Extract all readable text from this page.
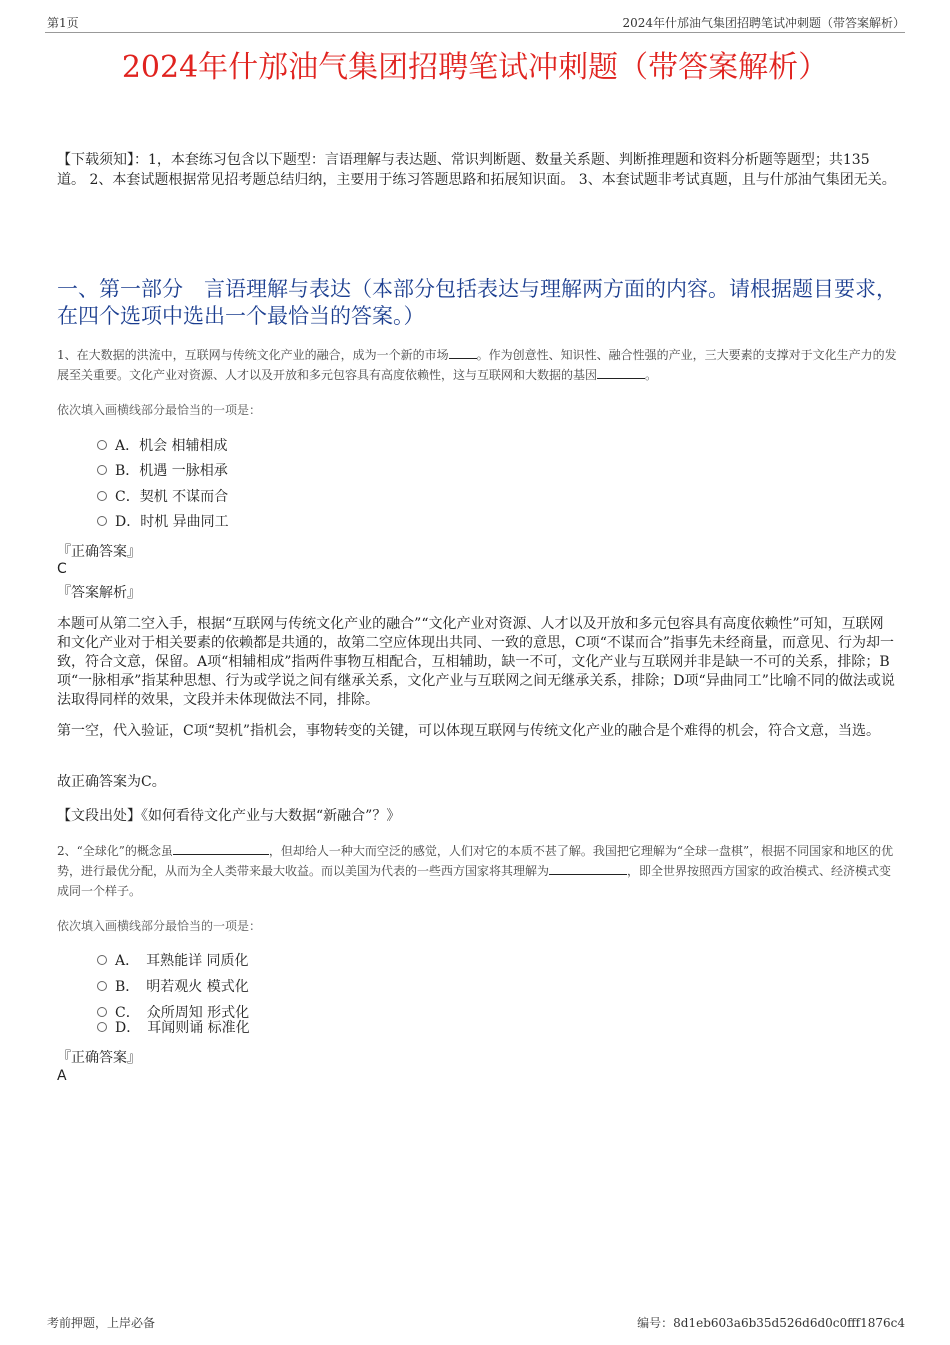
第1页	2024年什邡油气集团招聘笔试冲刺题（带答案解析）
2024年什邡油气集团招聘笔试冲刺题（带答案解析）
【下载须知】：1，本套练习包含以下题型：言语理解与表达题、常识判断题、数量关系题、判断推理题和资料分析题等题型；共135道。 2、本套试题根据常见招考题总结归纳，主要用于练习答题思路和拓展知识面。 3、本套试题非考试真题，且与什邡油气集团无关。
一、第一部分　言语理解与表达（本部分包括表达与理解两方面的内容。请根据题目要求，在四个选项中选出一个最恰当的答案。）
1、在大数据的洪流中，互联网与传统文化产业的融合，成为一个新的市场 。作为创意性、知识性、融合性强的产业，三大要素的支撑对于文化生产力的发展至关重要。文化产业对资源、人才以及开放和多元包容具有高度依赖性，这与互联网和大数据的基因	。
依次填入画横线部分最恰当的一项是：
A．机会 相辅相成
B．机遇 一脉相承
C．契机 不谋而合
D．时机 异曲同工
『正确答案』
C
『答案解析』
本题可从第二空入手，根据“互联网与传统文化产业的融合”“文化产业对资源、人才以及开放和多元包容具有高度依赖性”可知，互联网和文化产业对于相关要素的依赖都是共通的，故第二空应体现出共同、一致的意思，C项“不谋而合”指事先未经商量，而意见、行为却一致，符合文意，保留。A项“相辅相成”指两件事物互相配合，互相辅助，缺一不可，文化产业与互联网并非是缺一不可的关系，排除；B项“一脉相承”指某种思想、行为或学说之间有继承关系，文化产业与互联网之间无继承关系，排除；D项“异曲同工”比喻不同的做法或说法取得同样的效果，文段并未体现做法不同，排除。
第一空，代入验证，C项“契机”指机会，事物转变的关键，可以体现互联网与传统文化产业的融合是个难得的机会，符合文意，当选。
故正确答案为C。
【文段出处】《如何看待文化产业与大数据“新融合”？》
2、“全球化”的概念虽	，但却给人一种大而空泛的感觉，人们对它的本质不甚了解。我国把它理解为“全球一盘棋”，根据不同国家和地区的优势，进行最优分配，从而为全人类带来最大收益。而以美国为代表的一些西方国家将其理解为	，即全世界按照西方国家的政治模式、经济模式变成同一个样子。
依次填入画横线部分最恰当的一项是：
A．　耳熟能详 同质化
B．　明若观火 模式化
C．　众所周知 形式化
D．　耳闻则诵 标准化
『正确答案』
A
考前押题，上岸必备	编号：8d1eb603a6b35d526d6d0c0fff1876c4
